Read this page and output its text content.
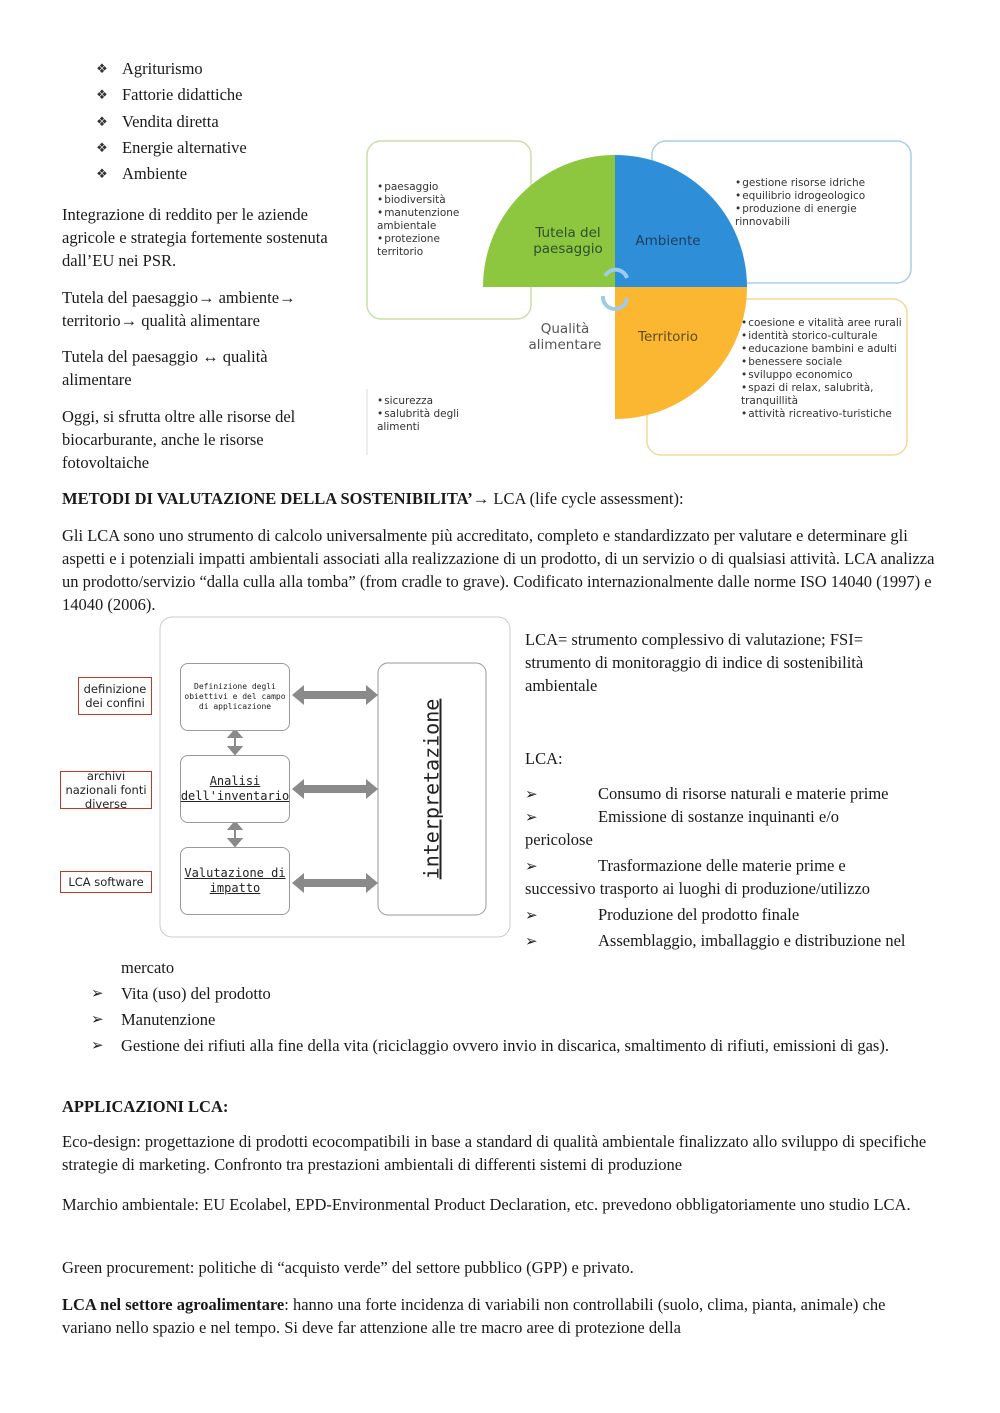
❖ Agriturismo
❖ Fattorie didattiche
❖ Vendita diretta
❖ Energie alternative
❖ Ambiente

Integrazione di reddito per le aziende agricole e strategia fortemente sostenuta dall’EU nei PSR.

Tutela del paesaggio→ ambiente→ territorio→ qualità alimentare

Tutela del paesaggio ↔ qualità alimentare

Oggi, si sfrutta oltre alle risorse del biocarburante, anche le risorse fotovoltaiche

Tutela del paesaggio	Ambiente
Territorio
Qualità alimentare
• paesaggio
• biodiversità
• manutenzione ambientale
• protezione territorio
• gestione risorse idriche
• equilibrio idrogeologico
• produzione di energie rinnovabili
• coesione e vitalità aree rurali
• identità storico-culturale
• educazione bambini e adulti
• benessere sociale
• sviluppo economico
• spazi di relax, salubrità, tranquillità
• attività ricreativo-turistiche
• sicurezza
• salubrità degli alimenti

METODI DI VALUTAZIONE DELLA SOSTENIBILITA’→ LCA (life cycle assessment):

Gli LCA sono uno strumento di calcolo universalmente più accreditato, completo e standardizzato per valutare e determinare gli aspetti e i potenziali impatti ambientali associati alla realizzazione di un prodotto, di un servizio o di qualsiasi attività. LCA analizza un prodotto/servizio “dalla culla alla tomba” (from cradle to grave). Codificato internazionalmente dalle norme ISO 14040 (1997) e 14040 (2006).

definizione dei confini
archivi nazionali fonti diverse
LCA software
Definizione degli obiettivi e del campo di applicazione
Analisi dell'inventario
Valutazione di impatto
interpretazione

LCA= strumento complessivo di valutazione; FSI= strumento di monitoraggio di indice di sostenibilità ambientale

LCA:

➢	Consumo di risorse naturali e materie prime
➢	Emissione di sostanze inquinanti e/o
pericolose
➢	Trasformazione delle materie prime e
successivo trasporto ai luoghi di produzione/utilizzo
➢	Produzione del prodotto finale
➢	Assemblaggio, imballaggio e distribuzione nel

mercato

➢	Vita (uso) del prodotto
➢	Manutenzione
➢	Gestione dei rifiuti alla fine della vita (riciclaggio ovvero invio in discarica, smaltimento di rifiuti, emissioni di gas).

APPLICAZIONI LCA:

Eco-design: progettazione di prodotti ecocompatibili in base a standard di qualità ambientale finalizzato allo sviluppo di specifiche strategie di marketing. Confronto tra prestazioni ambientali di differenti sistemi di produzione

Marchio ambientale: EU Ecolabel, EPD-Environmental Product Declaration, etc. prevedono obbligatoriamente uno studio LCA.

Green procurement: politiche di “acquisto verde” del settore pubblico (GPP) e privato.

LCA nel settore agroalimentare: hanno una forte incidenza di variabili non controllabili (suolo, clima, pianta, animale) che variano nello spazio e nel tempo. Si deve far attenzione alle tre macro aree di protezione della
